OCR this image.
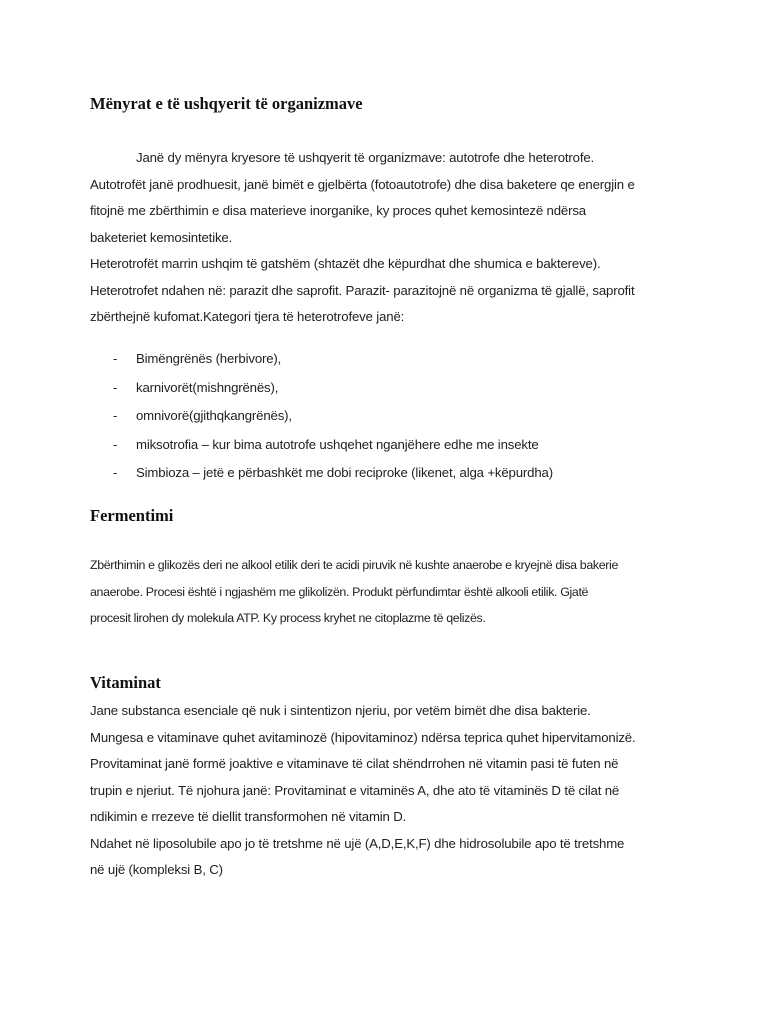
Mënyrat e të ushqyerit të organizmave
Janë dy mënyra kryesore të ushqyerit të organizmave: autotrofe dhe heterotrofe.
Autotrofët janë prodhuesit, janë bimët e gjelbërta (fotoautotrofe) dhe disa baketere qe energjin e
fitojnë me zbërthimin e disa materieve inorganike, ky proces quhet kemosintezë ndërsa
baketeriet kemosintetike.
Heterotrofët marrin ushqim të gatshëm (shtazët dhe këpurdhat dhe shumica e baktereve).
Heterotrofet ndahen në: parazit dhe saprofit. Parazit- parazitojnë në organizma të gjallë, saprofit
zbërthejnë kufomat.Kategori tjera të heterotrofeve janë:
- Bimëngrënës (herbivore),
- karnivorët(mishngrënës),
- omnivorë(gjithqkangrënës),
- miksotrofia – kur bima autotrofe ushqehet nganjëhere edhe me insekte
- Simbioza – jetë e përbashkët me dobi reciproke (likenet, alga +këpurdha)
Fermentimi
Zbërthimin e glikozës deri ne alkool etilik deri te acidi piruvik në kushte anaerobe e kryejnë disa bakerie
anaerobe. Procesi është i ngjashëm me glikolizën. Produkt përfundimtar është alkooli etilik. Gjatë
procesit lirohen dy molekula ATP. Ky process kryhet ne citoplazme të qelizës.
Vitaminat
Jane substanca esenciale që nuk i sintentizon njeriu, por vetëm bimët dhe disa bakterie.
Mungesa e vitaminave quhet avitaminozë (hipovitaminoz) ndërsa teprica quhet hipervitamonizë.
Provitaminat janë formë joaktive e vitaminave të cilat shëndrrohen në vitamin pasi të futen në
trupin e njeriut. Të njohura janë: Provitaminat e vitaminës A, dhe ato të vitaminës D të cilat në
ndikimin e rrezeve të diellit transformohen në vitamin D.
Ndahet në liposolubile apo jo të tretshme në ujë (A,D,E,K,F) dhe hidrosolubile apo të tretshme
në ujë (kompleksi B, C)
